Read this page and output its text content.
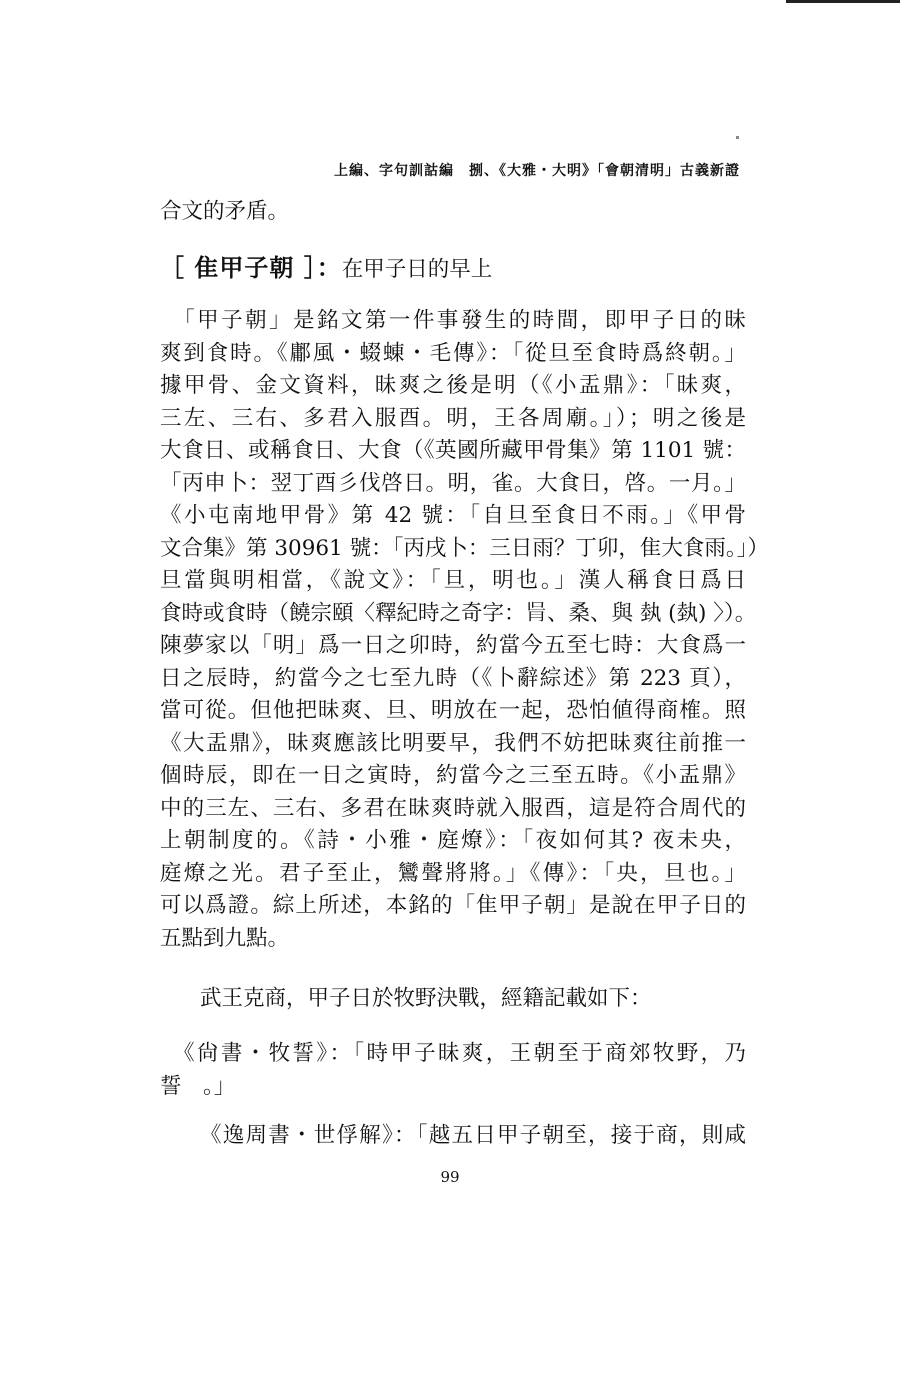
上編、字句訓詁編　捌、《大雅・大明》「會朝清明」古義新證
合文的矛盾。
［ 隹甲子朝 ］：在甲子日的早上
　「甲子朝」是銘文第一件事發生的時間，即甲子日的昧
爽到食時。《鄘風・蝃蝀・毛傳》：「從旦至食時爲終朝。」
據甲骨、金文資料，昧爽之後是明（《小盂鼎》：「昧爽，
三左、三右、多君入服酉。明，王各周廟。」）；明之後是
大食日、或稱食日、大食（《英國所藏甲骨集》第 1101 號：
「丙申卜：翌丁酉彡伐啓日。明，雀。大食日，啓。一月。」
《小屯南地甲骨》第 42 號：「自旦至食日不雨。」《甲骨
文合集》第 30961 號：「丙戌卜：三日雨？丁卯，隹大食雨。」）
旦當與明相當，《說文》：「旦，明也。」漢人稱食日爲日
食時或食時（饒宗頤〈釋紀時之奇字：𦙃、桑、與 埶 (埶) 〉）。
陳夢家以「明」爲一日之卯時，約當今五至七時：大食爲一
日之辰時，約當今之七至九時（《卜辭綜述》第 223 頁），
當可從。但他把昧爽、旦、明放在一起，恐怕値得商榷。照
《大盂鼎》，昧爽應該比明要早，我們不妨把昧爽往前推一
個時辰，即在一日之寅時，約當今之三至五時。《小盂鼎》
中的三左、三右、多君在昧爽時就入服酉，這是符合周代的
上朝制度的。《詩・小雅・庭燎》：「夜如何其? 夜未央，
庭燎之光。君子至止，鸞聲將將。」《傳》：「央，旦也。」
可以爲證。綜上所述，本銘的「隹甲子朝」是說在甲子日的
五點到九點。
武王克商，甲子日於牧野決戰，經籍記載如下：
　《尙書・牧誓》：「時甲子昧爽，王朝至于商郊牧野，乃
誓　。」
《逸周書・世俘解》：「越五日甲子朝至，接于商，則咸
99
